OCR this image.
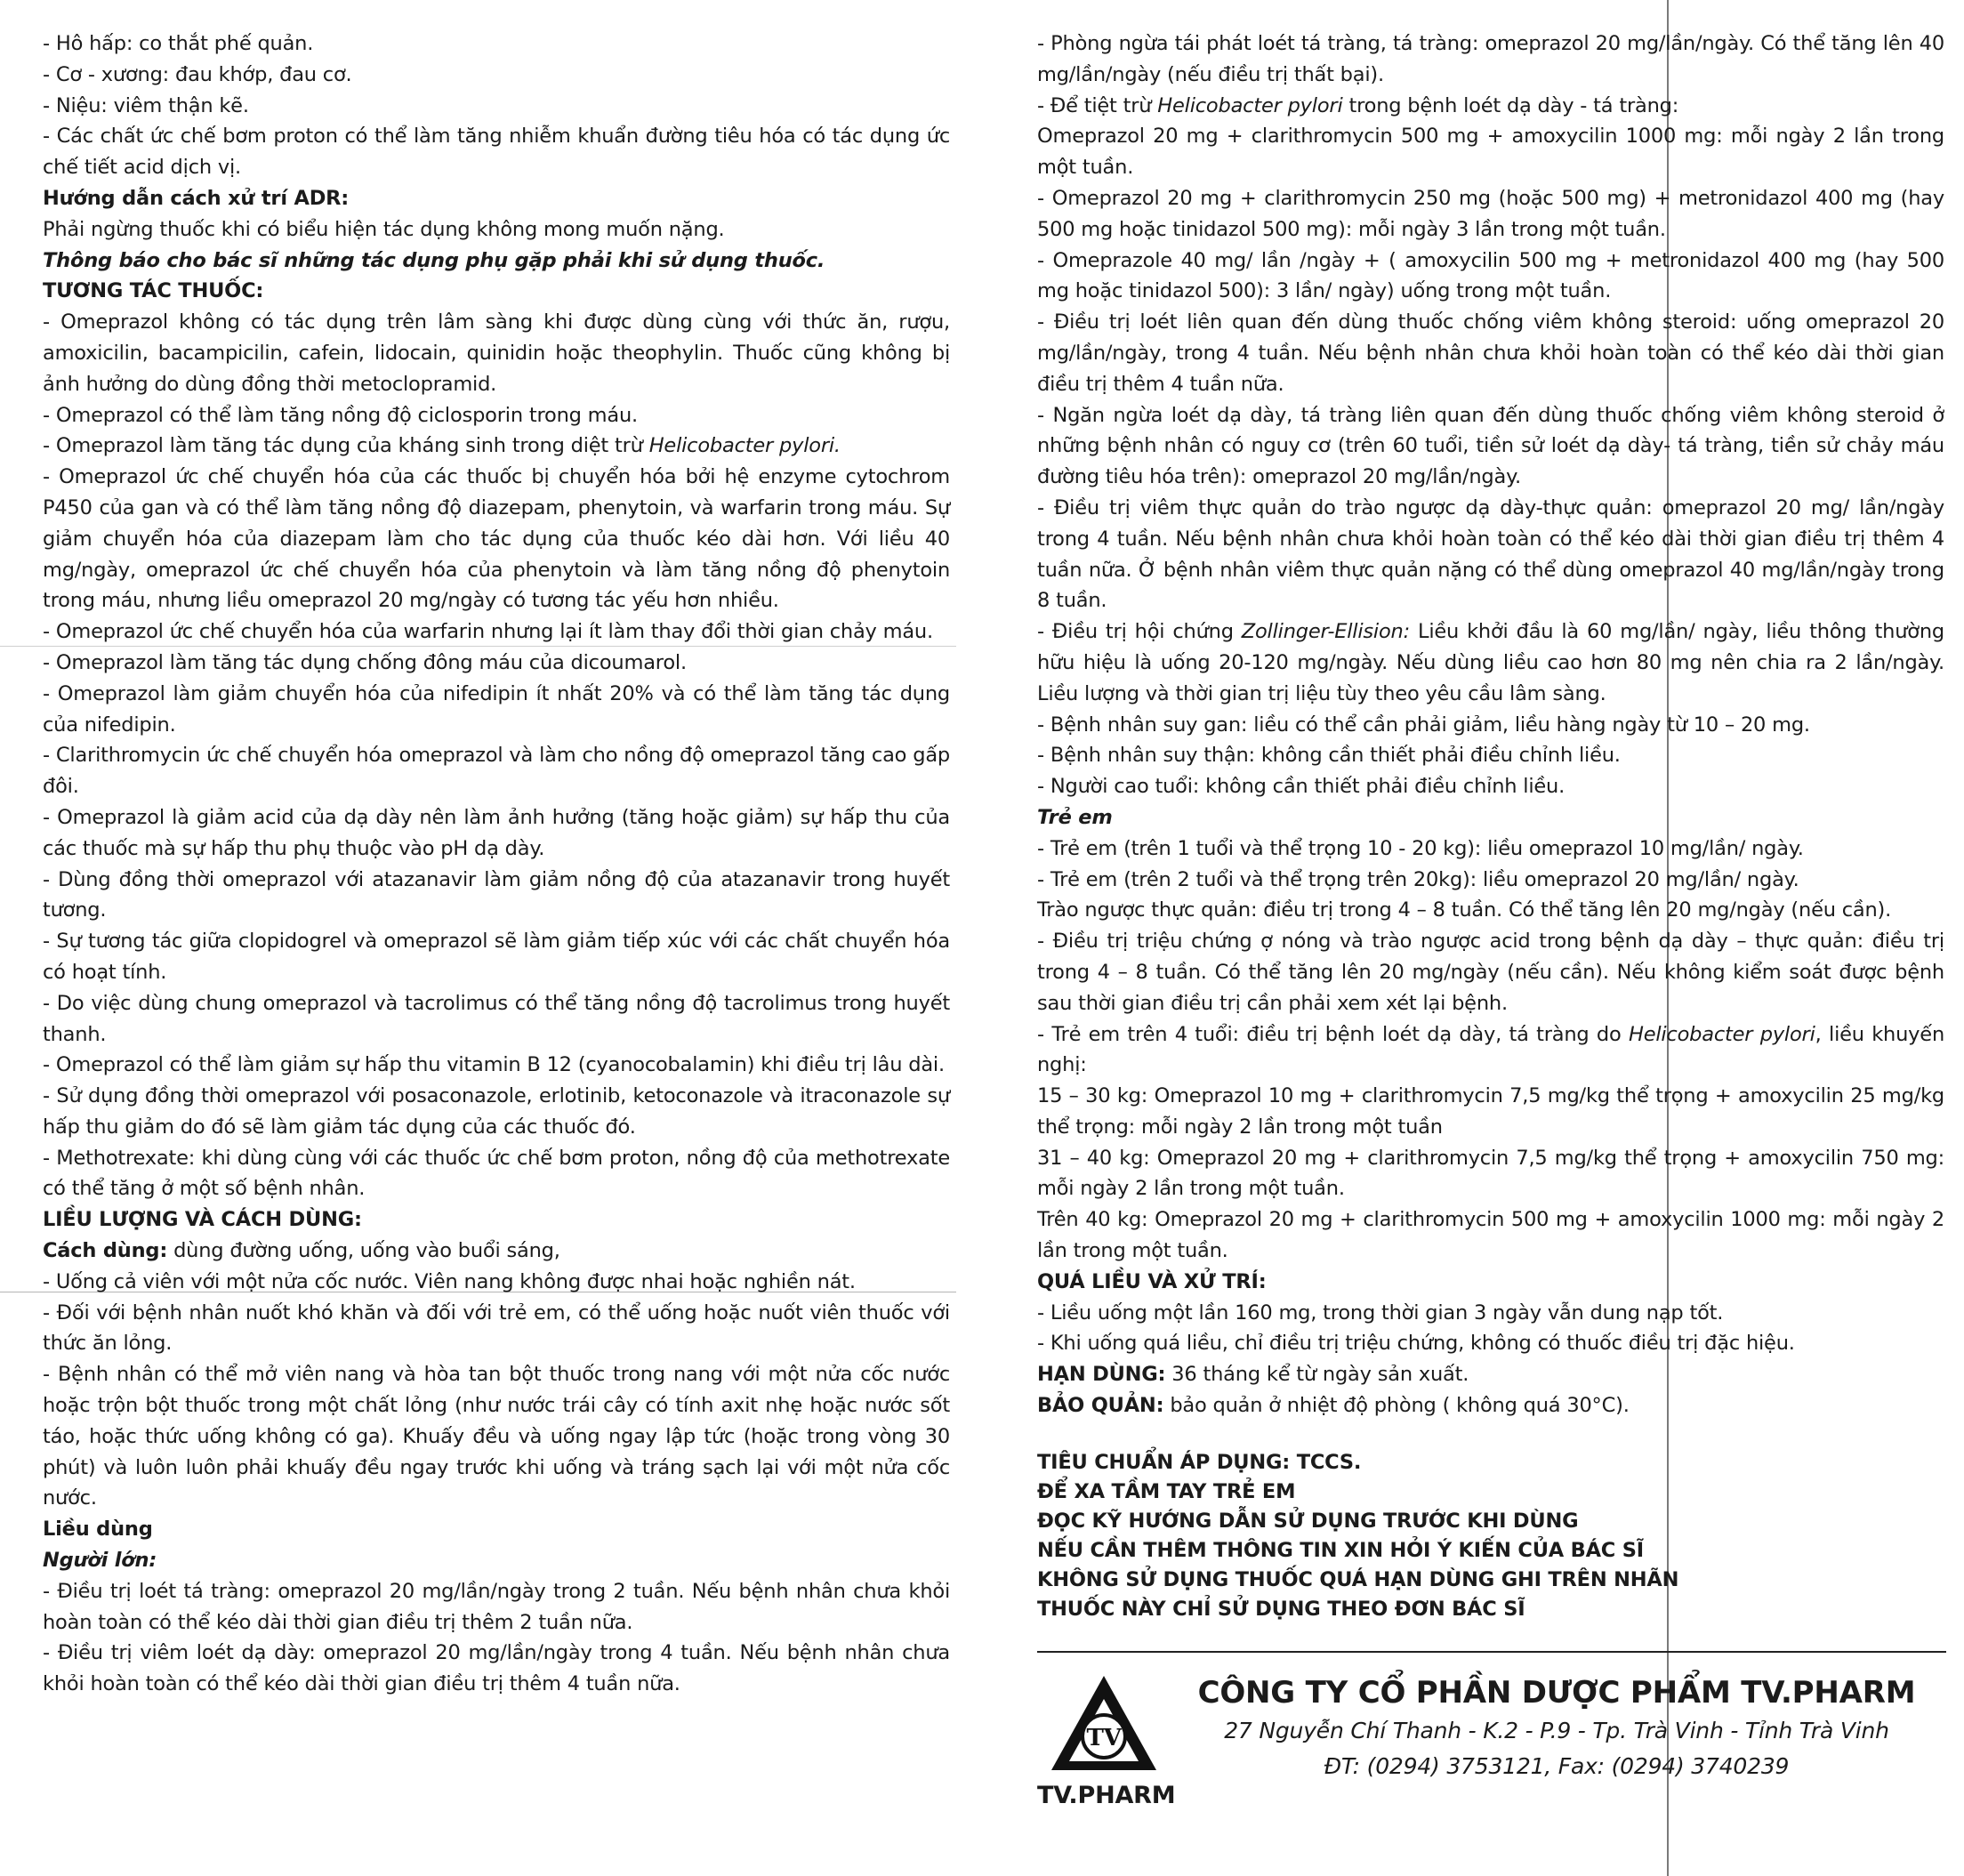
- Hô hấp: co thắt phế quản.

- Cơ - xương: đau khớp, đau cơ.

- Niệu: viêm thận kẽ.

- Các chất ức chế bơm proton có thể làm tăng nhiễm khuẩn đường tiêu hóa có tác dụng ức chế tiết acid dịch vị.

Hướng dẫn cách xử trí ADR:

Phải ngừng thuốc khi có biểu hiện tác dụng không mong muốn nặng.

Thông báo cho bác sĩ những tác dụng phụ gặp phải khi sử dụng thuốc.

TƯƠNG TÁC THUỐC:

- Omeprazol không có tác dụng trên lâm sàng khi được dùng cùng với thức ăn, rượu, amoxicilin, bacampicilin, cafein, lidocain, quinidin hoặc theophylin. Thuốc cũng không bị ảnh hưởng do dùng đồng thời metoclopramid.

- Omeprazol có thể làm tăng nồng độ ciclosporin trong máu.

- Omeprazol làm tăng tác dụng của kháng sinh trong diệt trừ Helicobacter pylori.

- Omeprazol ức chế chuyển hóa của các thuốc bị chuyển hóa bởi hệ enzyme cytochrom P450 của gan và có thể làm tăng nồng độ diazepam, phenytoin, và warfarin trong máu. Sự giảm chuyển hóa của diazepam làm cho tác dụng của thuốc kéo dài hơn. Với liều 40 mg/ngày, omeprazol ức chế chuyển hóa của phenytoin và làm tăng nồng độ phenytoin trong máu, nhưng liều omeprazol 20 mg/ngày có tương tác yếu hơn nhiều.

- Omeprazol ức chế chuyển hóa của warfarin nhưng lại ít làm thay đổi thời gian chảy máu.

- Omeprazol làm tăng tác dụng chống đông máu của dicoumarol.

- Omeprazol làm giảm chuyển hóa của nifedipin ít nhất 20% và có thể làm tăng tác dụng của nifedipin.

- Clarithromycin ức chế chuyển hóa omeprazol và làm cho nồng độ omeprazol tăng cao gấp đôi.

- Omeprazol là giảm acid của dạ dày nên làm ảnh hưởng (tăng hoặc giảm) sự hấp thu của các thuốc mà sự hấp thu phụ thuộc vào pH dạ dày.

- Dùng đồng thời omeprazol với atazanavir làm giảm nồng độ của atazanavir trong huyết tương.

- Sự tương tác giữa clopidogrel và omeprazol sẽ làm giảm tiếp xúc với các chất chuyển hóa có hoạt tính.

- Do việc dùng chung omeprazol và tacrolimus có thể tăng nồng độ tacrolimus trong huyết thanh.

- Omeprazol có thể làm giảm sự hấp thu vitamin B 12 (cyanocobalamin) khi điều trị lâu dài.

- Sử dụng đồng thời omeprazol với posaconazole, erlotinib, ketoconazole và itraconazole sự hấp thu giảm do đó sẽ làm giảm tác dụng của các thuốc đó.

- Methotrexate: khi dùng cùng với các thuốc ức chế bơm proton, nồng độ của methotrexate có thể tăng ở một số bệnh nhân.

LIỀU LƯỢNG VÀ CÁCH DÙNG:

Cách dùng: dùng đường uống, uống vào buổi sáng,

- Uống cả viên với một nửa cốc nước. Viên nang không được nhai hoặc nghiền nát.

- Đối với bệnh nhân nuốt khó khăn và đối với trẻ em, có thể uống hoặc nuốt viên thuốc với thức ăn lỏng.

- Bệnh nhân có thể mở viên nang và hòa tan bột thuốc trong nang với một nửa cốc nước hoặc trộn bột thuốc trong một chất lỏng (như nước trái cây có tính axit nhẹ hoặc nước sốt táo, hoặc thức uống không có ga). Khuấy đều và uống ngay lập tức (hoặc trong vòng 30 phút) và luôn luôn phải khuấy đều ngay trước khi uống và tráng sạch lại với một nửa cốc nước.

Liều dùng

Người lớn:

- Điều trị loét tá tràng: omeprazol 20 mg/lần/ngày trong 2 tuần. Nếu bệnh nhân chưa khỏi hoàn toàn có thể kéo dài thời gian điều trị thêm 2 tuần nữa.

- Điều trị viêm loét dạ dày: omeprazol 20 mg/lần/ngày trong 4 tuần. Nếu bệnh nhân chưa khỏi hoàn toàn có thể kéo dài thời gian điều trị thêm 4 tuần nữa.

- Phòng ngừa tái phát loét tá tràng, tá tràng: omeprazol 20 mg/lần/ngày. Có thể tăng lên 40 mg/lần/ngày (nếu điều trị thất bại).

- Để tiệt trừ Helicobacter pylori trong bệnh loét dạ dày - tá tràng:

Omeprazol 20 mg + clarithromycin 500 mg + amoxycilin 1000 mg: mỗi ngày 2 lần trong một tuần.

- Omeprazol 20 mg + clarithromycin 250 mg (hoặc 500 mg) + metronidazol 400 mg (hay 500 mg hoặc tinidazol 500 mg): mỗi ngày 3 lần trong một tuần.

- Omeprazole 40 mg/ lần /ngày + ( amoxycilin 500 mg + metronidazol 400 mg (hay 500 mg hoặc tinidazol 500): 3 lần/ ngày) uống trong một tuần.

- Điều trị loét liên quan đến dùng thuốc chống viêm không steroid: uống omeprazol 20 mg/lần/ngày, trong 4 tuần. Nếu bệnh nhân chưa khỏi hoàn toàn có thể kéo dài thời gian điều trị thêm 4 tuần nữa.

- Ngăn ngừa loét dạ dày, tá tràng liên quan đến dùng thuốc chống viêm không steroid ở những bệnh nhân có nguy cơ (trên 60 tuổi, tiền sử loét dạ dày- tá tràng, tiền sử chảy máu đường tiêu hóa trên): omeprazol 20 mg/lần/ngày.

- Điều trị viêm thực quản do trào ngược dạ dày-thực quản: omeprazol 20 mg/ lần/ngày trong 4 tuần. Nếu bệnh nhân chưa khỏi hoàn toàn có thể kéo dài thời gian điều trị thêm 4 tuần nữa. Ở bệnh nhân viêm thực quản nặng có thể dùng omeprazol 40 mg/lần/ngày trong 8 tuần.

- Điều trị hội chứng Zollinger-Ellision: Liều khởi đầu là 60 mg/lần/ ngày, liều thông thường hữu hiệu là uống 20-120 mg/ngày. Nếu dùng liều cao hơn 80 mg nên chia ra 2 lần/ngày. Liều lượng và thời gian trị liệu tùy theo yêu cầu lâm sàng.

- Bệnh nhân suy gan: liều có thể cần phải giảm, liều hàng ngày từ 10 – 20 mg.

- Bệnh nhân suy thận: không cần thiết phải điều chỉnh liều.

- Người cao tuổi: không cần thiết phải điều chỉnh liều.

Trẻ em

- Trẻ em (trên 1 tuổi và thể trọng 10 - 20 kg): liều omeprazol 10 mg/lần/ ngày.

- Trẻ em (trên 2 tuổi và thể trọng trên 20kg): liều omeprazol 20 mg/lần/ ngày.

Trào ngược thực quản: điều trị trong 4 – 8 tuần. Có thể tăng lên 20 mg/ngày (nếu cần).

- Điều trị triệu chứng ợ nóng và trào ngược acid trong bệnh dạ dày – thực quản: điều trị trong 4 – 8 tuần. Có thể tăng lên 20 mg/ngày (nếu cần). Nếu không kiểm soát được bệnh sau thời gian điều trị cần phải xem xét lại bệnh.

- Trẻ em trên 4 tuổi: điều trị bệnh loét dạ dày, tá tràng do Helicobacter pylori, liều khuyến nghị:

15 – 30 kg: Omeprazol 10 mg + clarithromycin 7,5 mg/kg thể trọng + amoxycilin 25 mg/kg thể trọng: mỗi ngày 2 lần trong một tuần

31 – 40 kg: Omeprazol 20 mg + clarithromycin 7,5 mg/kg thể trọng + amoxycilin 750 mg: mỗi ngày 2 lần trong một tuần.

Trên 40 kg: Omeprazol 20 mg + clarithromycin 500 mg + amoxycilin 1000 mg: mỗi ngày 2 lần trong một tuần.

QUÁ LIỀU VÀ XỬ TRÍ:

- Liều uống một lần 160 mg, trong thời gian 3 ngày vẫn dung nạp tốt.

- Khi uống quá liều, chỉ điều trị triệu chứng, không có thuốc điều trị đặc hiệu.

HẠN DÙNG: 36 tháng kể từ ngày sản xuất.

BẢO QUẢN: bảo quản ở nhiệt độ phòng ( không quá 30°C).

TIÊU CHUẨN ÁP DỤNG: TCCS.

ĐỂ XA TẦM TAY TRẺ EM

ĐỌC KỸ HƯỚNG DẪN SỬ DỤNG TRƯỚC KHI DÙNG

NẾU CẦN THÊM THÔNG TIN XIN HỎI Ý KIẾN CỦA BÁC SĨ

KHÔNG SỬ DỤNG THUỐC QUÁ HẠN DÙNG GHI TRÊN NHÃN

THUỐC NÀY CHỈ SỬ DỤNG THEO ĐƠN BÁC SĨ

TV
TV.PHARM
CÔNG TY CỔ PHẦN DƯỢC PHẨM TV.PHARM
27 Nguyễn Chí Thanh - K.2 - P.9 - Tp. Trà Vinh - Tỉnh Trà Vinh
ĐT: (0294) 3753121, Fax: (0294) 3740239
